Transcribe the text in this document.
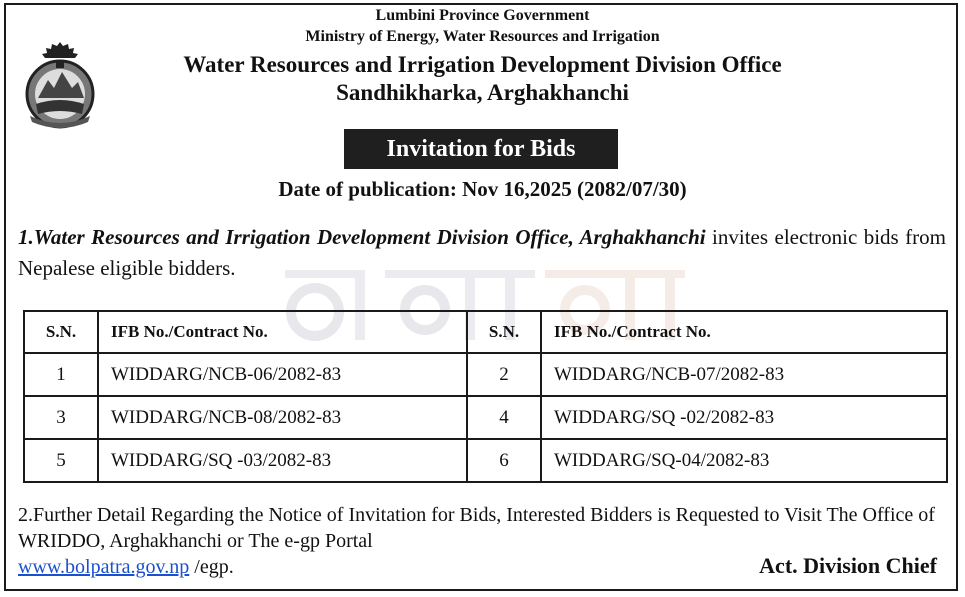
Lumbini Province Government
Ministry of Energy, Water Resources and Irrigation
Water Resources and Irrigation Development Division Office
Sandhikharka, Arghakhanchi
Invitation for Bids
Date of publication: Nov 16,2025 (2082/07/30)
1.Water Resources and Irrigation Development Division Office, Arghakhanchi invites electronic bids from Nepalese eligible bidders.
S.N.	IFB No./Contract No.		S.N.	IFB No./Contract No.
1	WIDDARG/NCB-06/2082-83		2	WIDDARG/NCB-07/2082-83
3	WIDDARG/NCB-08/2082-83		4	WIDDARG/SQ -02/2082-83
5	WIDDARG/SQ -03/2082-83		6	WIDDARG/SQ-04/2082-83
2.Further Detail Regarding the Notice of Invitation for Bids, Interested Bidders is Requested to Visit The Office of WRIDDO, Arghakhanchi or The e-gp Portal
www.bolpatra.gov.np /egp.	Act. Division Chief
